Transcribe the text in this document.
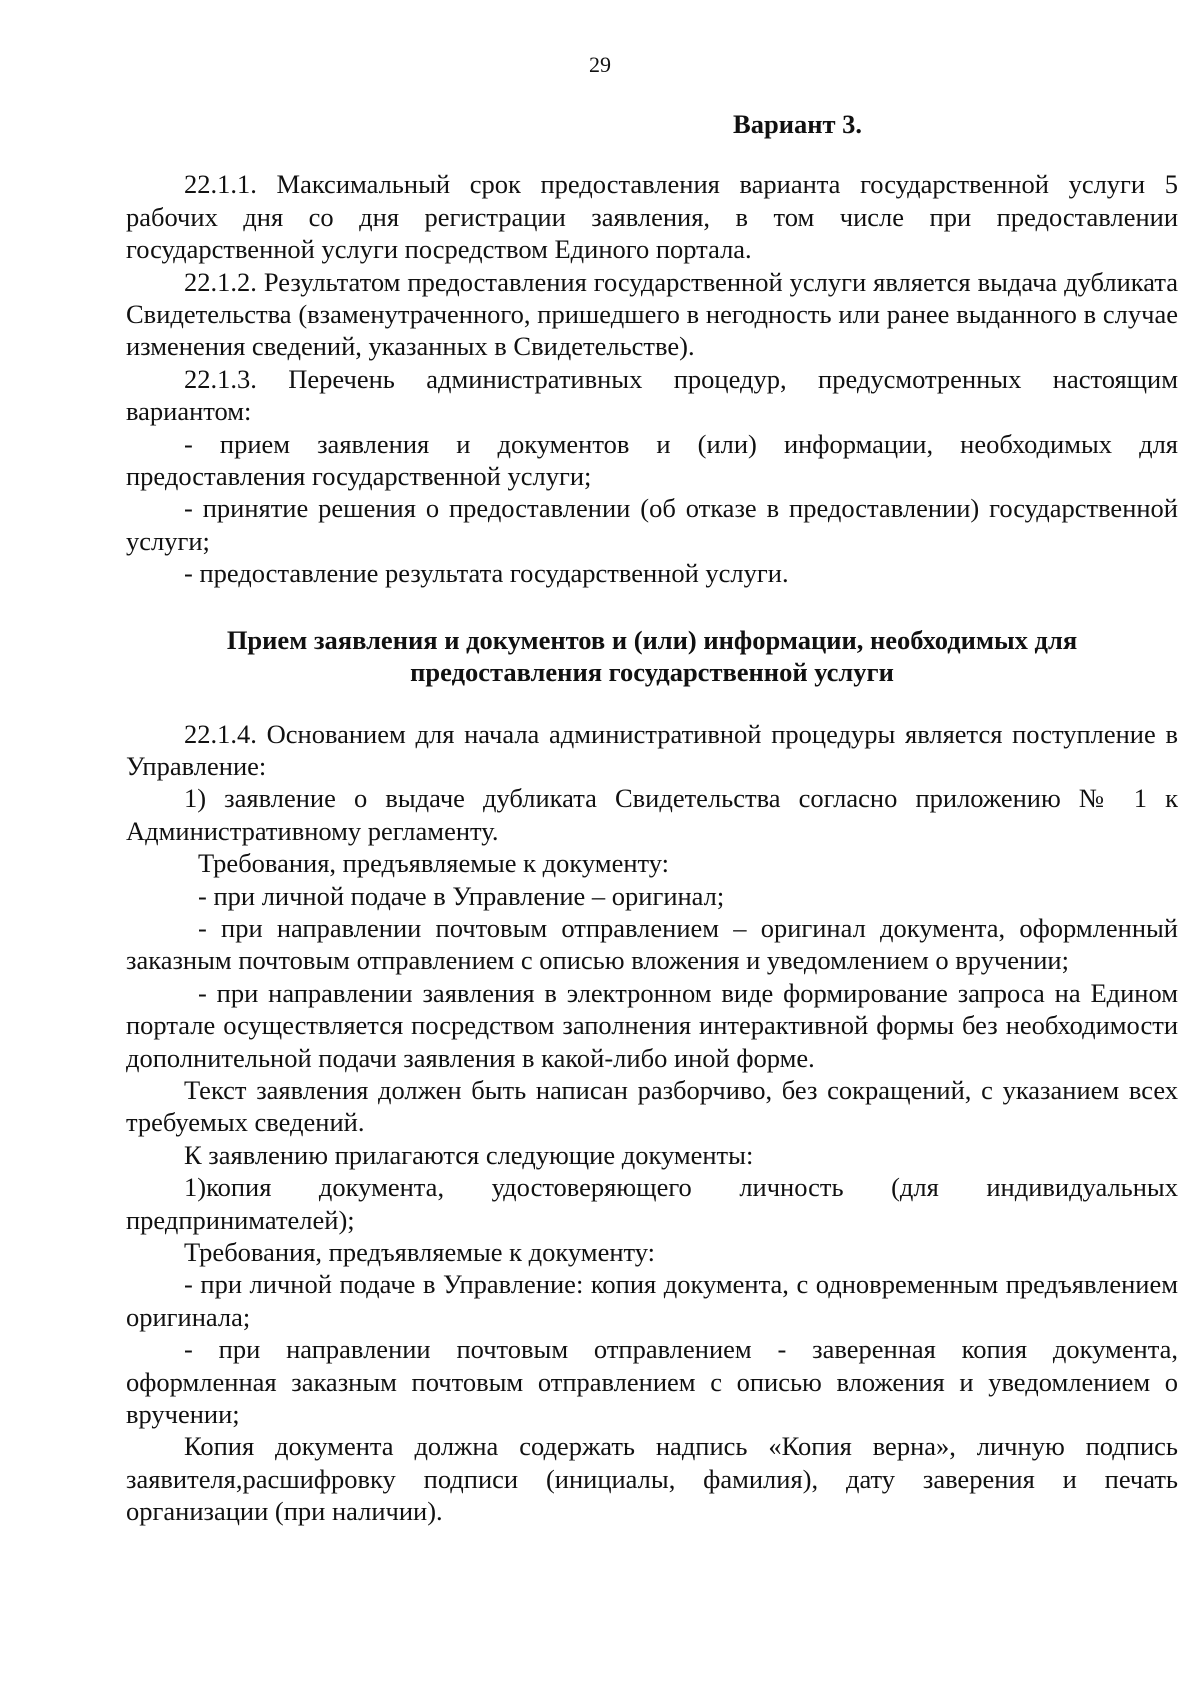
29

Вариант 3.

22.1.1. Максимальный срок предоставления варианта государственной услуги 5 рабочих дня со дня регистрации заявления, в том числе при предоставлении государственной услуги посредством Единого портала.

22.1.2. Результатом предоставления государственной услуги является выдача дубликата Свидетельства (взаменутраченного, пришедшего в негодность или ранее выданного в случае изменения сведений, указанных в Свидетельстве).

22.1.3. Перечень административных процедур, предусмотренных настоящим вариантом:

- прием заявления и документов и (или) информации, необходимых для предоставления государственной услуги;

- принятие решения о предоставлении (об отказе в предоставлении) государственной услуги;

- предоставление результата государственной услуги.

Прием заявления и документов и (или) информации, необходимых для предоставления государственной услуги

22.1.4. Основанием для начала административной процедуры является поступление в Управление:

1) заявление о выдаче дубликата Свидетельства согласно приложению № 1 к Административному регламенту.

Требования, предъявляемые к документу:

- при личной подаче в Управление – оригинал;

- при направлении почтовым отправлением – оригинал документа, оформленный заказным почтовым отправлением с описью вложения и уведомлением о вручении;

- при направлении заявления в электронном виде формирование запроса на Едином портале осуществляется посредством заполнения интерактивной формы без необходимости дополнительной подачи заявления в какой-либо иной форме.

Текст заявления должен быть написан разборчиво, без сокращений, с указанием всех требуемых сведений.

К заявлению прилагаются следующие документы:

1)копия документа, удостоверяющего личность (для индивидуальных предпринимателей);

Требования, предъявляемые к документу:

- при личной подаче в Управление: копия документа, с одновременным предъявлением оригинала;

- при направлении почтовым отправлением - заверенная копия документа, оформленная заказным почтовым отправлением с описью вложения и уведомлением о вручении;

Копия документа должна содержать надпись «Копия верна», личную подпись заявителя,расшифровку подписи (инициалы, фамилия), дату заверения и печать организации (при наличии).
